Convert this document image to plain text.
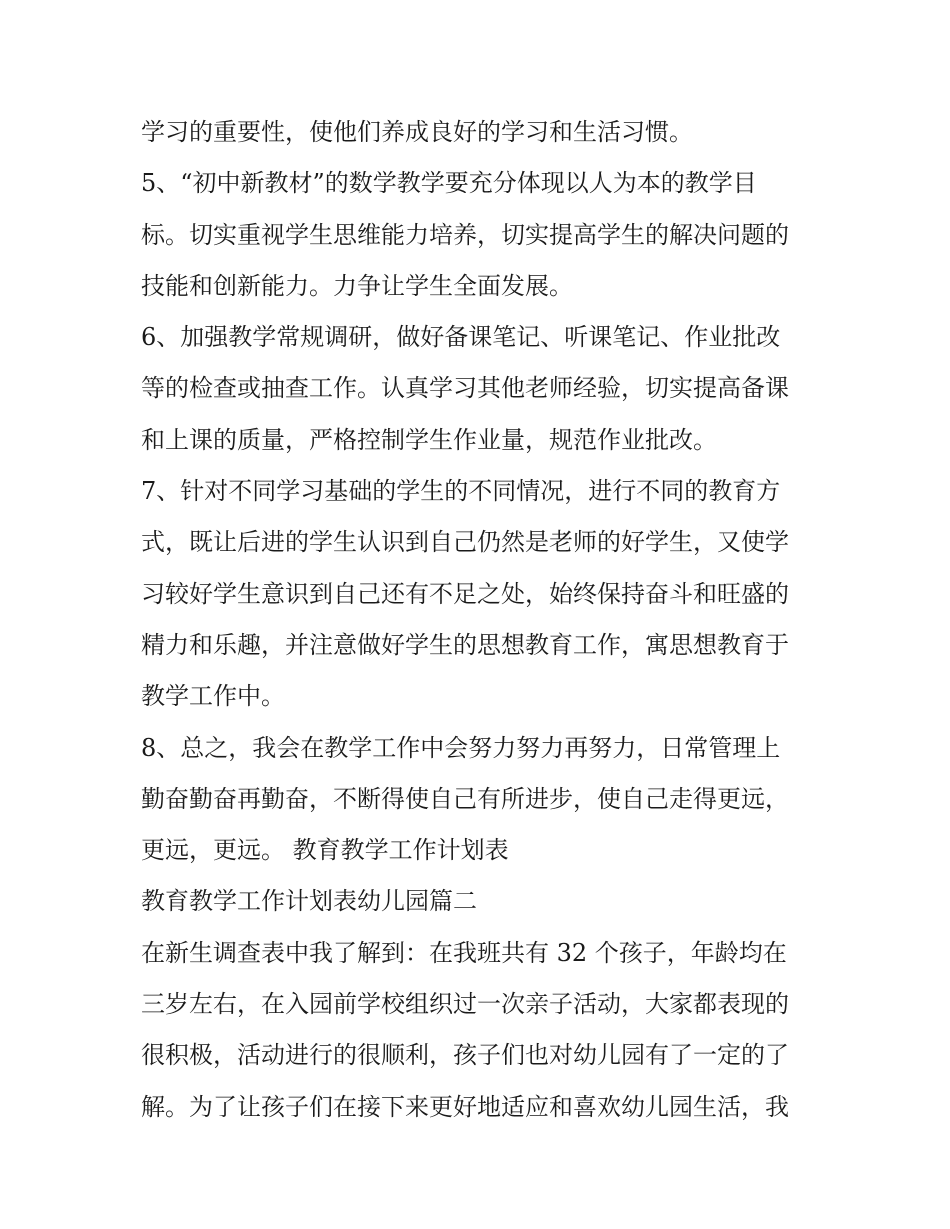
学习的重要性，使他们养成良好的学习和生活习惯。
5、“初中新教材”的数学教学要充分体现以人为本的教学目
标。切实重视学生思维能力培养，切实提高学生的解决问题的
技能和创新能力。力争让学生全面发展。
6、加强教学常规调研，做好备课笔记、听课笔记、作业批改
等的检查或抽查工作。认真学习其他老师经验，切实提高备课
和上课的质量，严格控制学生作业量，规范作业批改。
7、针对不同学习基础的学生的不同情况，进行不同的教育方
式，既让后进的学生认识到自己仍然是老师的好学生，又使学
习较好学生意识到自己还有不足之处，始终保持奋斗和旺盛的
精力和乐趣，并注意做好学生的思想教育工作，寓思想教育于
教学工作中。
8、总之，我会在教学工作中会努力努力再努力，日常管理上
勤奋勤奋再勤奋，不断得使自己有所进步，使自己走得更远，
更远，更远。 教育教学工作计划表
教育教学工作计划表幼儿园篇二
在新生调查表中我了解到：在我班共有 32 个孩子，年龄均在
三岁左右，在入园前学校组织过一次亲子活动，大家都表现的
很积极，活动进行的很顺利，孩子们也对幼儿园有了一定的了
解。为了让孩子们在接下来更好地适应和喜欢幼儿园生活，我
